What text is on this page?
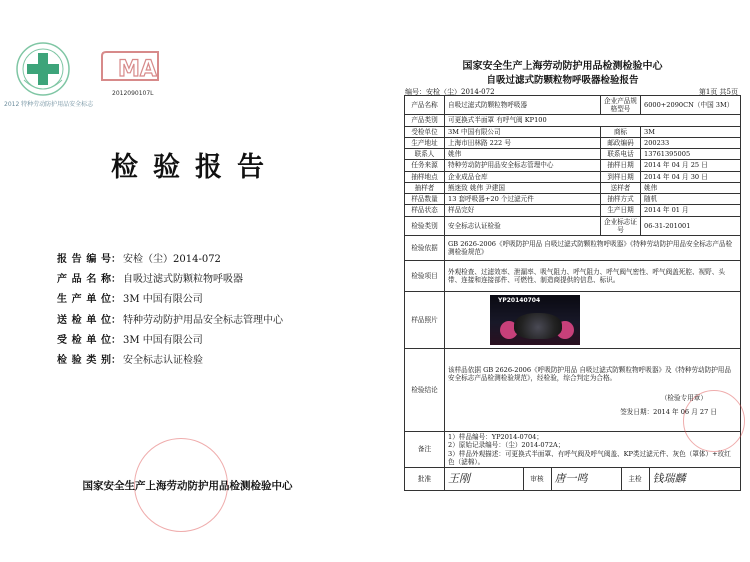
2012 特种劳动防护用品安全标志
MA
2012090107L
检验报告
报告编号： 安检（尘）2014-072
产品名称： 自吸过滤式防颗粒物呼吸器
生产单位： 3M 中国有限公司
送检单位： 特种劳动防护用品安全标志管理中心
受检单位： 3M 中国有限公司
检验类别： 安全标志认证检验
国家安全生产上海劳动防护用品检测检验中心
国家安全生产上海劳动防护用品检测检验中心
自吸过滤式防颗粒物呼吸器检验报告
编号：安检（尘）2014-072	第1页 共5页
产品名称	自吸过滤式防颗粒物呼吸器	企业产品规格型号	6000+2090CN（中国 3M）
产品类别	可更换式半面罩 有呼气阀 KP100
受检单位	3M 中国有限公司	商标	3M
生产地址	上海市田林路 222 号	邮政编码	200233
联系人	姚伟	联系电话	13761395005
任务来源	特种劳动防护用品安全标志管理中心	抽样日期	2014 年 04 月 25 日
抽样地点	企业成品仓库	到样日期	2014 年 04 月 30 日
抽样者	熊迷致 姚伟 尹建国	送样者	姚伟
样品数量	13 套呼吸器+20 个过滤元件	抽样方式	随机
样品状态	样品完好	生产日期	2014 年 01 月
检验类别	安全标志认证检验	企业标志证号	06-31-201001
检验依据	GB 2626-2006《呼吸防护用品 自吸过滤式防颗粒物呼吸器》《特种劳动防护用品安全标志产品检测检验规范》
检验项目	外观检查、过滤效率、泄漏率、吸气阻力、呼气阻力、呼气阀气密性、呼气阀盖死腔、视野、头带、连接和连接部件、可燃性、制造商提供的信息、标识。
样品照片	
YP20140704

检验结论	
该样品依据 GB 2626-2006《呼吸防护用品 自吸过滤式防颗粒物呼吸器》及《特种劳动防护用品安全标志产品检测检验规范》，经检验，综合判定为合格。
（检验专用章）
签发日期：2014 年 06 月 27 日

备注	
1）样品编号：YP2014-0704；
2）原始记录编号：（尘）2014-072A；
3）样品外观描述：可更换式半面罩、有呼气阀及呼气阀盖、KP类过滤元件、灰色（罩体）+玫红色（滤棉）。

批准	王刚	审核	唐一鸣	主检	钱瑞麟
